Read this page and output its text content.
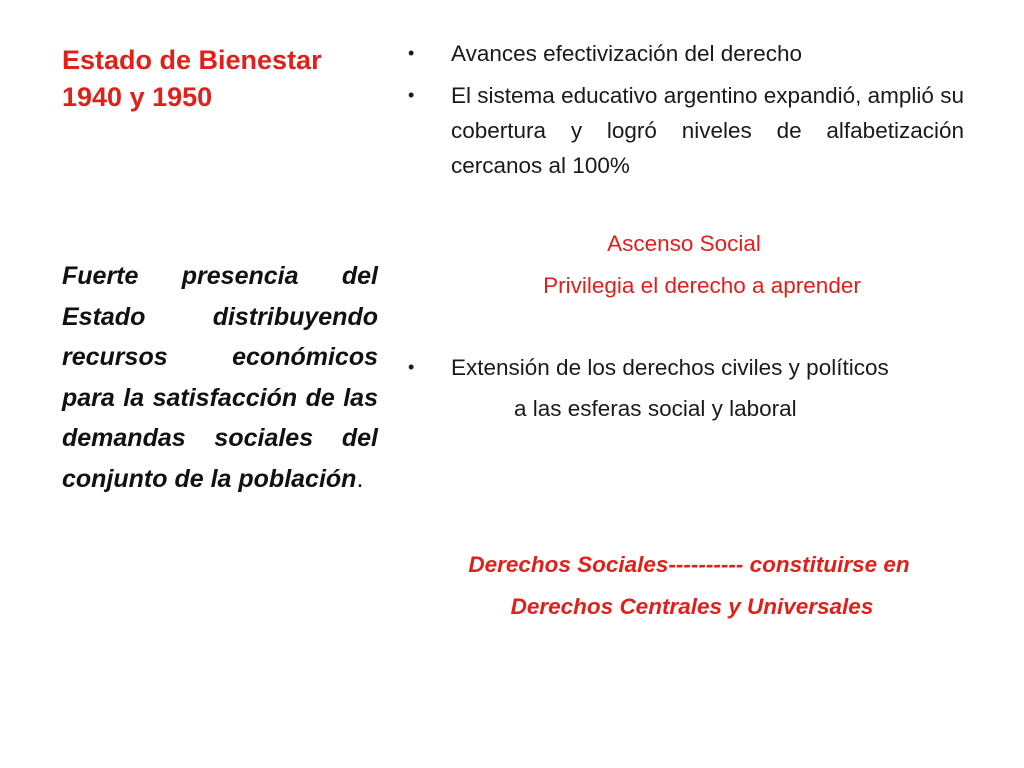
Estado de Bienestar
1940 y 1950

Fuerte presencia del Estado distribuyendo recursos económicos para la satisfacción de las demandas sociales del conjunto de la población.

•	Avances efectivización del derecho
•	El sistema educativo argentino expandió, amplió su cobertura y logró niveles de alfabetización cercanos al 100%
Ascenso Social
Privilegia el derecho a aprender
•	Extensión de los derechos civiles y políticos
a las esferas social y laboral
Derechos Sociales---------- constituirse en
Derechos Centrales y Universales
